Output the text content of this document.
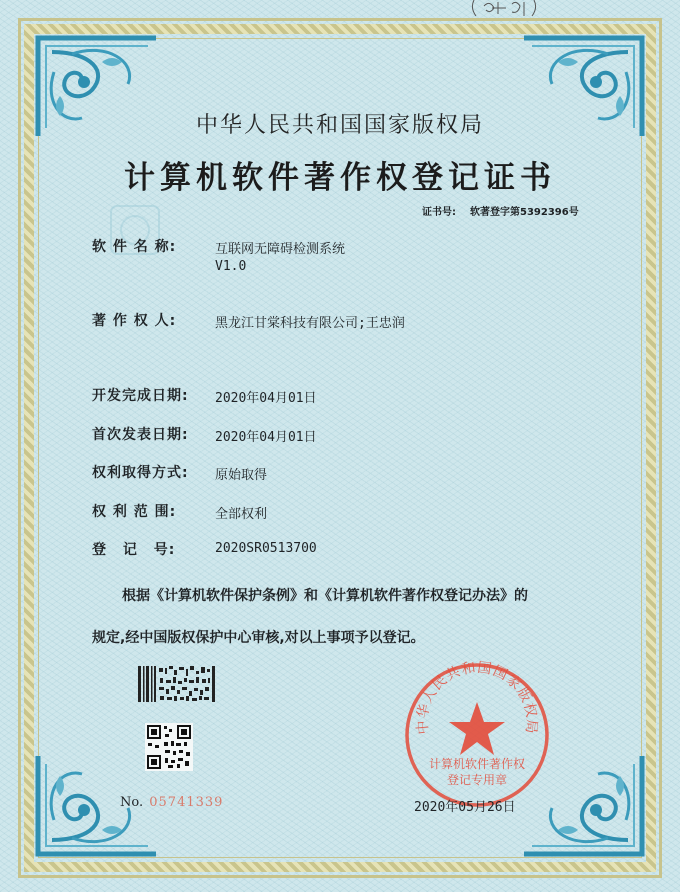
中华人民共和国国家版权局
计算机软件著作权登记证书
证书号: 软著登字第5392396号
软 件 名 称:	互联网无障碍检测系统
V1.0
著 作 权 人:	黑龙江甘棠科技有限公司;王忠润
开发完成日期: 2020年04月01日
首次发表日期: 2020年04月01日
权利取得方式: 原始取得
权 利 范 围:	全部权利
登 记 号:	2020SR0513700
根据《计算机软件保护条例》和《计算机软件著作权登记办法》的
规定,经中国版权保护中心审核,对以上事项予以登记。
No. 05741339
中华人民共和国国家版权局
计算机软件著作权
登记专用章
2020年05月26日
